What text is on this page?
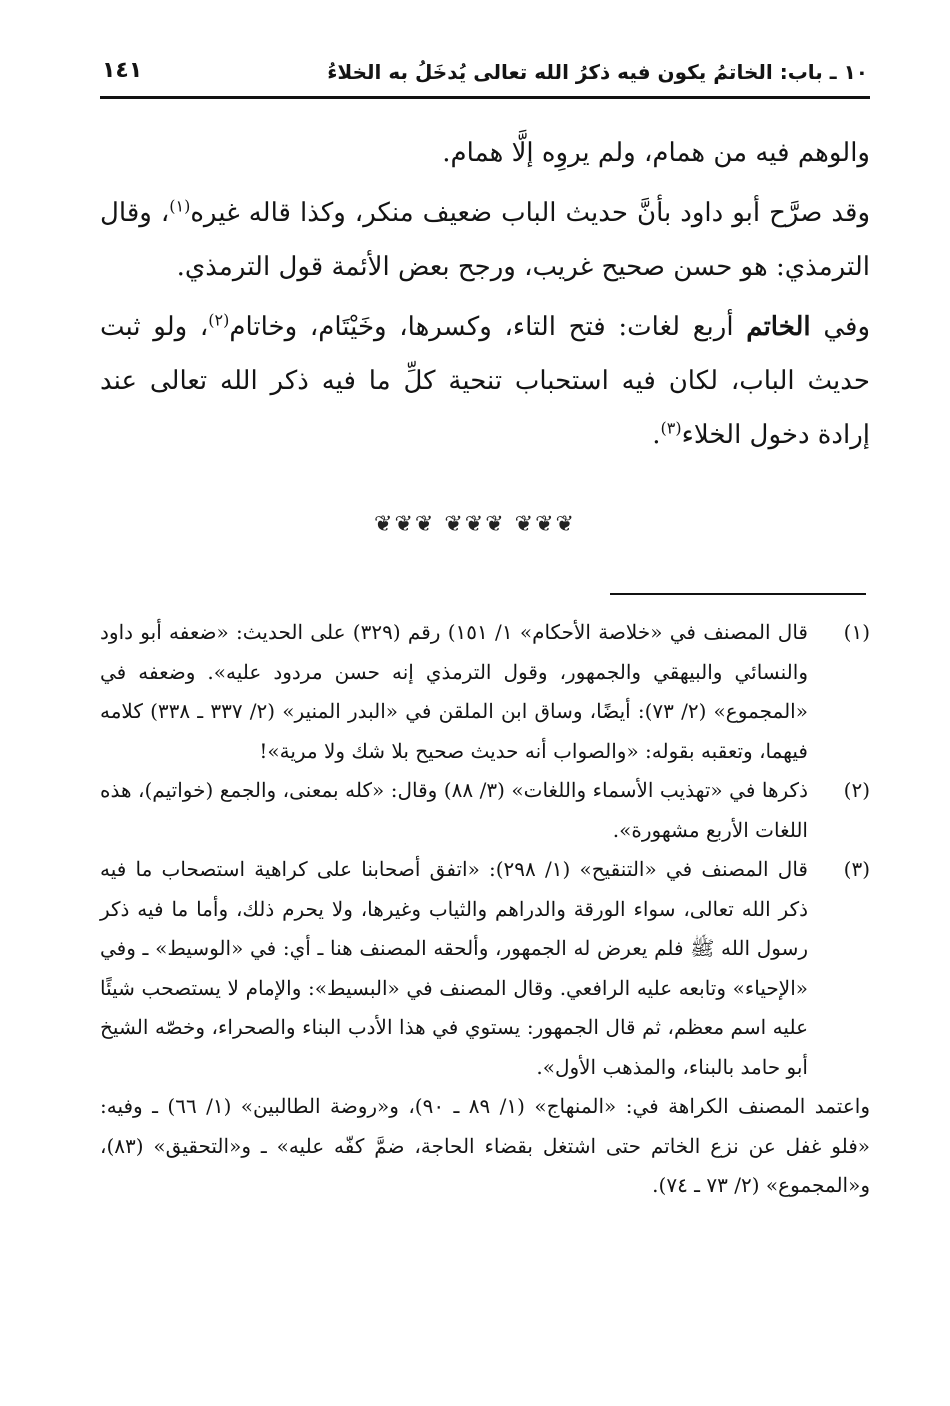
١٠ ـ باب: الخاتمُ يكون فيه ذكرُ الله تعالى يُدخَلُ به الخلاءُ
١٤١

والوهم فيه من همام، ولم يروِه إلَّا همام.

وقد صرَّح أبو داود بأنَّ حديث الباب ضعيف منكر، وكذا قاله غيره$^{(١)}$، وقال الترمذي: هو حسن صحيح غريب، ورجح بعض الأئمة قول الترمذي.

وفي الخاتم أربع لغات: فتح التاء، وكسرها، وخَيْتَام، وخاتام$^{(٢)}$، ولو ثبت حديث الباب، لكان فيه استحباب تنحية كلِّ ما فيه ذكر الله تعالى عند إرادة دخول الخلاء$^{(٣)}$.

❦❦❦ ❦❦❦ ❦❦❦
(١)
قال المصنف في «خلاصة الأحكام» ١/ ١٥١) رقم (٣٢٩) على الحديث: «ضعفه أبو داود والنسائي والبيهقي والجمهور، وقول الترمذي إنه حسن مردود عليه». وضعفه في «المجموع» (٢/ ٧٣): أيضًا، وساق ابن الملقن في «البدر المنير» (٢/ ٣٣٧ ـ ٣٣٨) كلامه فيهما، وتعقبه بقوله: «والصواب أنه حديث صحيح بلا شك ولا مرية»!
(٢)
ذكرها في «تهذيب الأسماء واللغات» (٣/ ٨٨) وقال: «كله بمعنى، والجمع (خواتيم)، هذه اللغات الأربع مشهورة».
(٣)
قال المصنف في «التنقيح» (١/ ٢٩٨): «اتفق أصحابنا على كراهية استصحاب ما فيه ذكر الله تعالى، سواء الورقة والدراهم والثياب وغيرها، ولا يحرم ذلك، وأما ما فيه ذكر رسول الله ﷺ فلم يعرض له الجمهور، وألحقه المصنف هنا ـ أي: في «الوسيط» ـ وفي «الإحياء» وتابعه عليه الرافعي. وقال المصنف في «البسيط»: والإمام لا يستصحب شيئًا عليه اسم معظم، ثم قال الجمهور: يستوي في هذا الأدب البناء والصحراء، وخصّه الشيخ أبو حامد بالبناء، والمذهب الأول».

واعتمد المصنف الكراهة في: «المنهاج» (١/ ٨٩ ـ ٩٠)، و«روضة الطالبين» (١/ ٦٦) ـ وفيه: «فلو غفل عن نزع الخاتم حتى اشتغل بقضاء الحاجة، ضمَّ كفّه عليه» ـ و«التحقيق» (٨٣)، و«المجموع» (٢/ ٧٣ ـ ٧٤).
